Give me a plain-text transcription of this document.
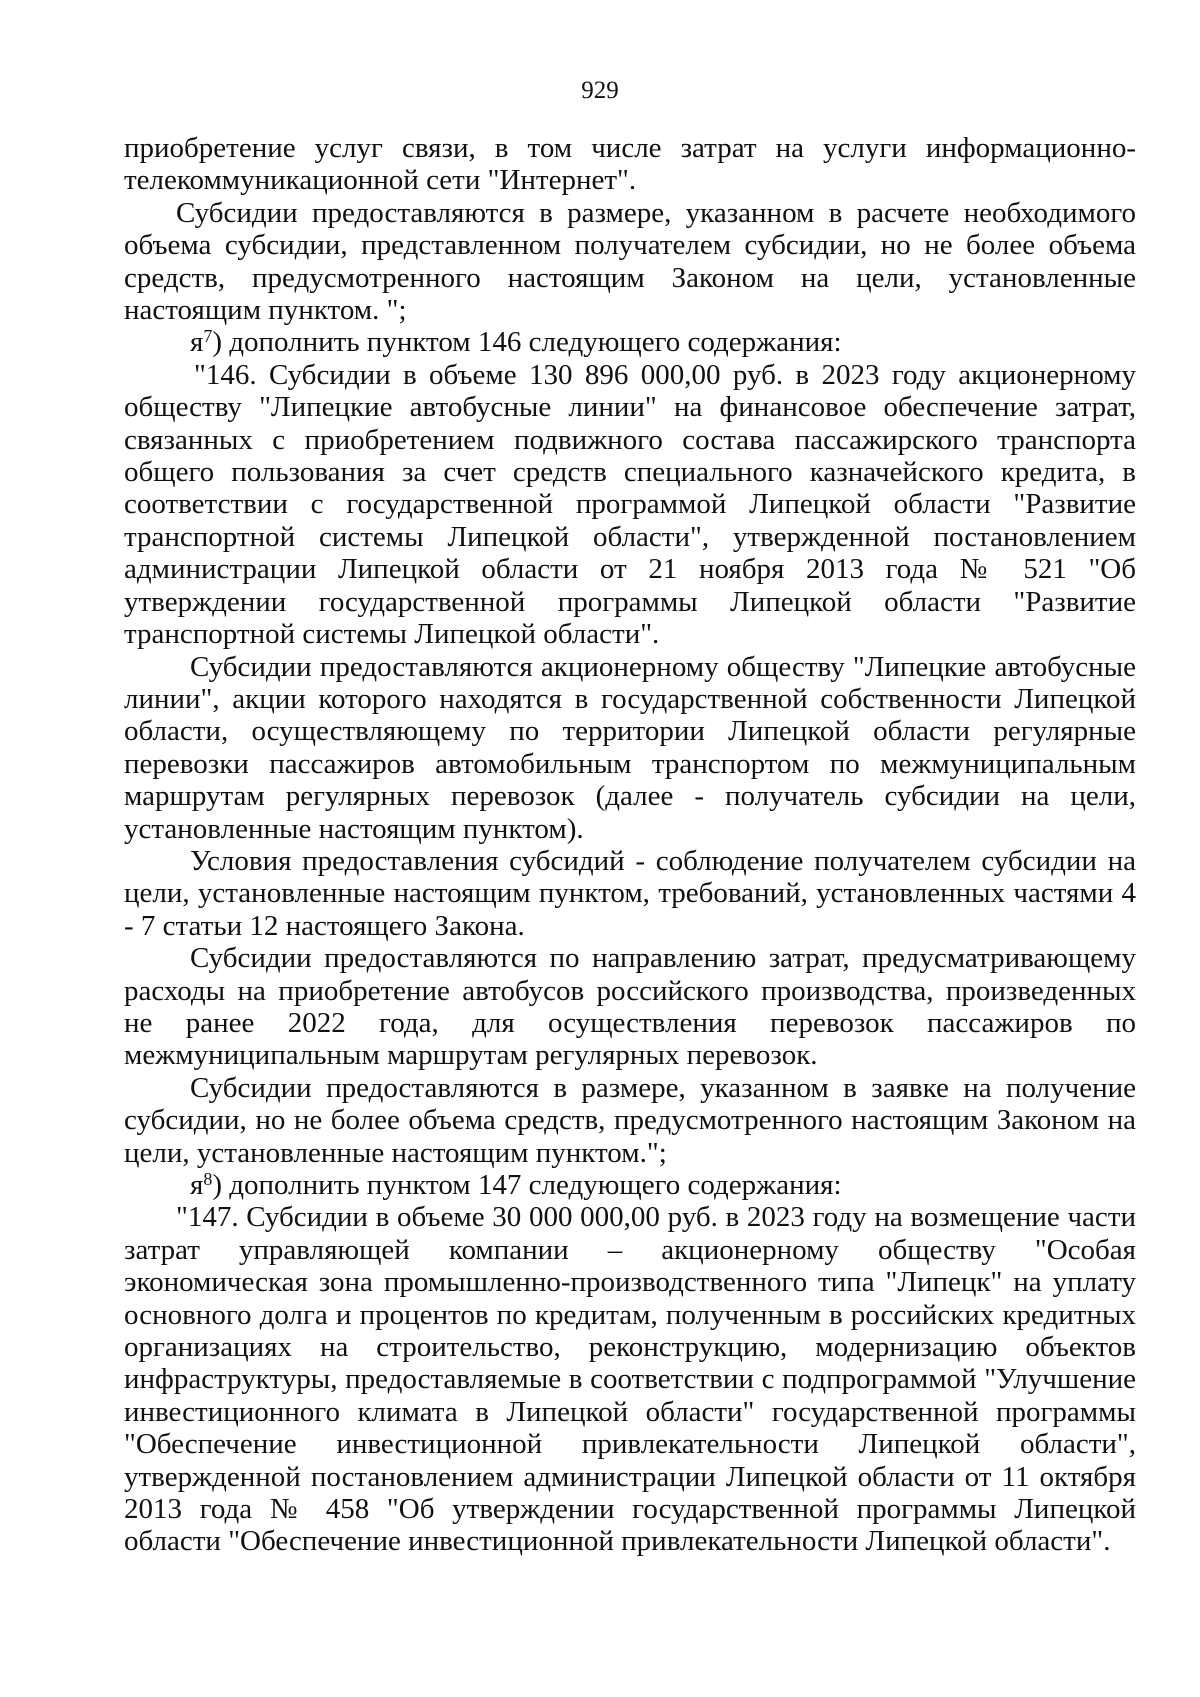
929

приобретение услуг связи, в том числе затрат на услуги информационно-телекоммуникационной сети "Интернет".

Субсидии предоставляются в размере, указанном в расчете необходимого объема субсидии, представленном получателем субсидии, но не более объема средств, предусмотренного настоящим Законом на цели, установленные настоящим пунктом. ";

$я^7$) дополнить пунктом 146 следующего содержания:

"146. Субсидии в объеме 130 896 000,00 руб. в 2023 году акционерному обществу "Липецкие автобусные линии" на финансовое обеспечение затрат, связанных с приобретением подвижного состава пассажирского транспорта общего пользования за счет средств специального казначейского кредита, в соответствии с государственной программой Липецкой области "Развитие транспортной системы Липецкой области", утвержденной постановлением администрации Липецкой области от 21 ноября 2013 года № 521 "Об утверждении государственной программы Липецкой области "Развитие транспортной системы Липецкой области".

Субсидии предоставляются акционерному обществу "Липецкие автобусные линии", акции которого находятся в государственной собственности Липецкой области, осуществляющему по территории Липецкой области регулярные перевозки пассажиров автомобильным транспортом по межмуниципальным маршрутам регулярных перевозок (далее - получатель субсидии на цели, установленные настоящим пунктом).

Условия предоставления субсидий - соблюдение получателем субсидии на цели, установленные настоящим пунктом, требований, установленных частями 4 - 7 статьи 12 настоящего Закона.

Субсидии предоставляются по направлению затрат, предусматривающему расходы на приобретение автобусов российского производства, произведенных не ранее 2022 года, для осуществления перевозок пассажиров по межмуниципальным маршрутам регулярных перевозок.

Субсидии предоставляются в размере, указанном в заявке на получение субсидии, но не более объема средств, предусмотренного настоящим Законом на цели, установленные настоящим пунктом.";

$я^8$) дополнить пунктом 147 следующего содержания:

"147. Субсидии в объеме 30 000 000,00 руб. в 2023 году на возмещение части затрат управляющей компании – акционерному обществу "Особая экономическая зона промышленно-производственного типа "Липецк" на уплату основного долга и процентов по кредитам, полученным в российских кредитных организациях на строительство, реконструкцию, модернизацию объектов инфраструктуры, предоставляемые в соответствии с подпрограммой "Улучшение инвестиционного климата в Липецкой области" государственной программы "Обеспечение инвестиционной привлекательности Липецкой области", утвержденной постановлением администрации Липецкой области от 11 октября 2013 года № 458 "Об утверждении государственной программы Липецкой области "Обеспечение инвестиционной привлекательности Липецкой области".
